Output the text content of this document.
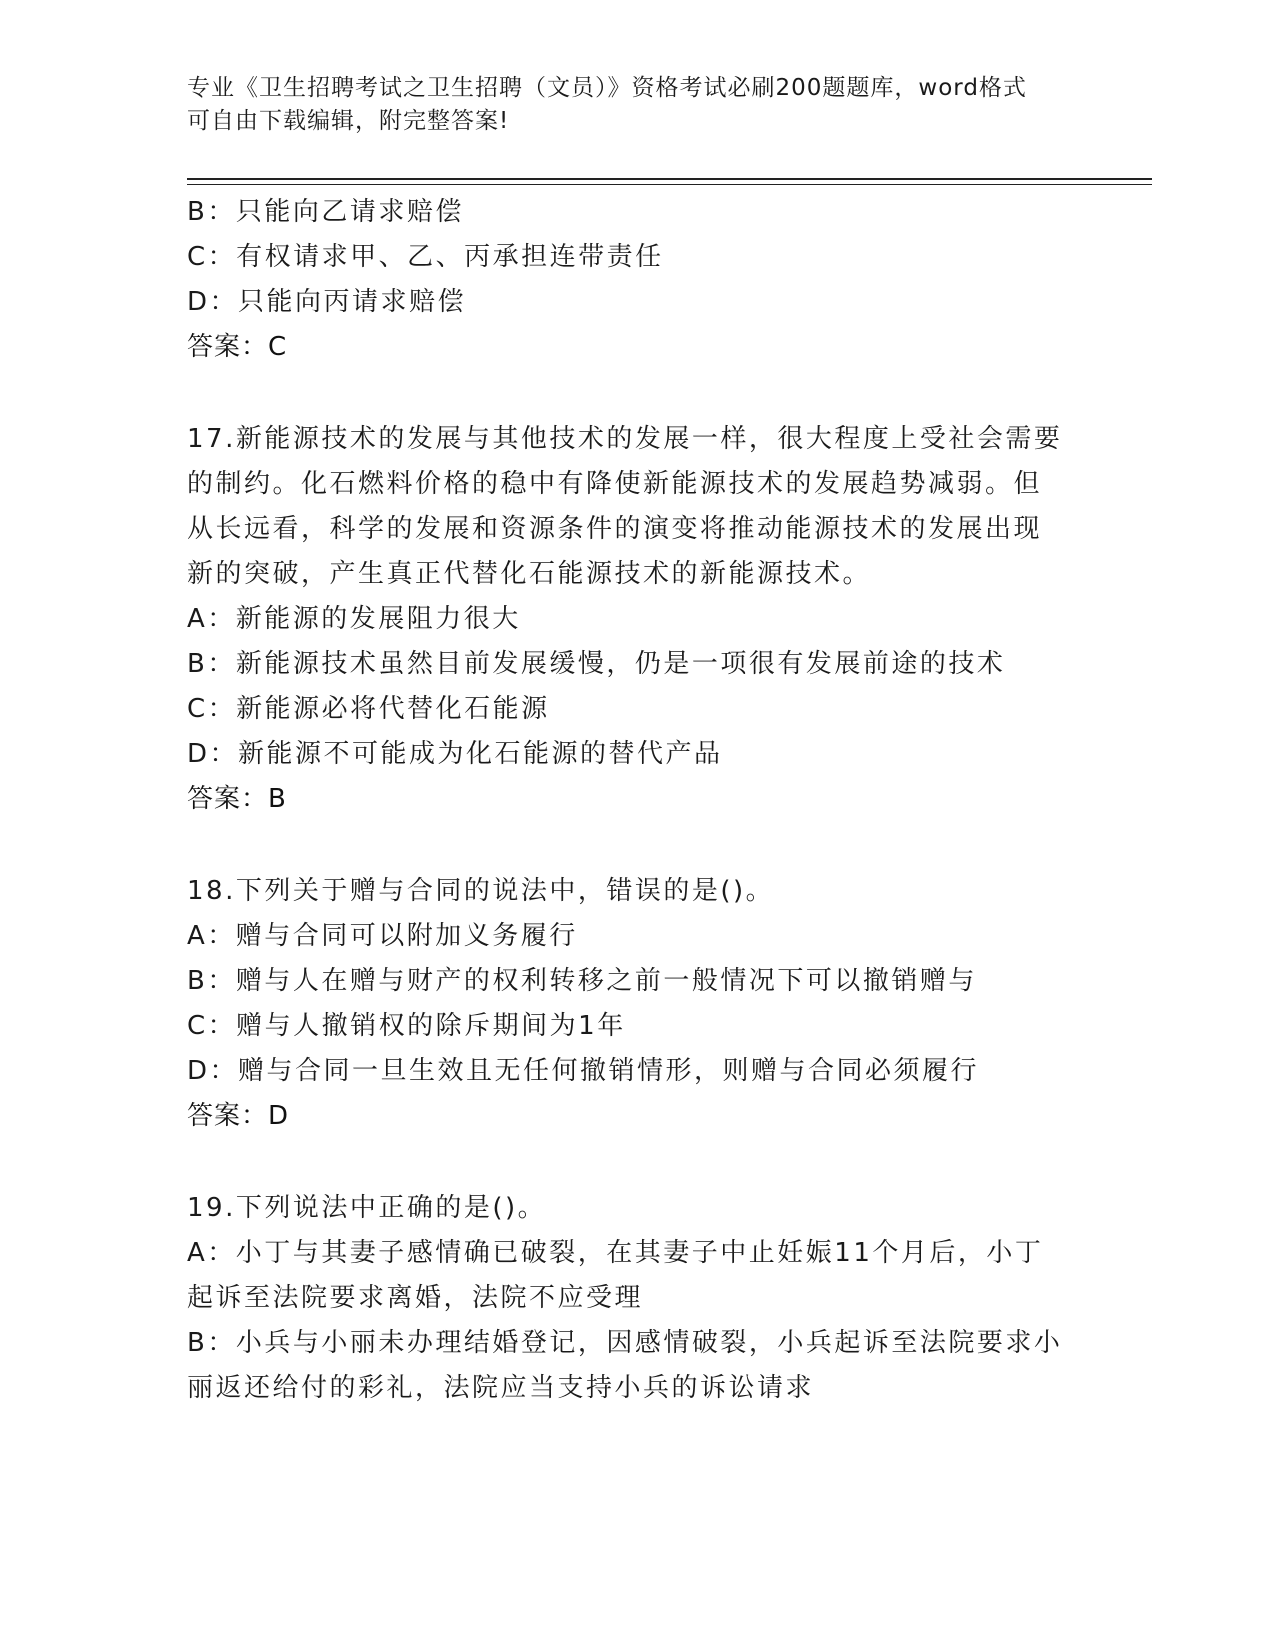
专业《卫生招聘考试之卫生招聘（文员）》资格考试必刷200题题库，word格式
可自由下载编辑，附完整答案!
B：只能向乙请求赔偿
C：有权请求甲、乙、丙承担连带责任
D：只能向丙请求赔偿
答案：C
17.新能源技术的发展与其他技术的发展一样，很大程度上受社会需要
的制约。化石燃料价格的稳中有降使新能源技术的发展趋势减弱。但
从长远看，科学的发展和资源条件的演变将推动能源技术的发展出现
新的突破，产生真正代替化石能源技术的新能源技术。
A：新能源的发展阻力很大
B：新能源技术虽然目前发展缓慢，仍是一项很有发展前途的技术
C：新能源必将代替化石能源
D：新能源不可能成为化石能源的替代产品
答案：B
18.下列关于赠与合同的说法中，错误的是()。
A：赠与合同可以附加义务履行
B：赠与人在赠与财产的权利转移之前一般情况下可以撤销赠与
C：赠与人撤销权的除斥期间为1年
D：赠与合同一旦生效且无任何撤销情形，则赠与合同必须履行
答案：D
19.下列说法中正确的是()。
A：小丁与其妻子感情确已破裂，在其妻子中止妊娠11个月后，小丁
起诉至法院要求离婚，法院不应受理
B：小兵与小丽未办理结婚登记，因感情破裂，小兵起诉至法院要求小
丽返还给付的彩礼，法院应当支持小兵的诉讼请求
